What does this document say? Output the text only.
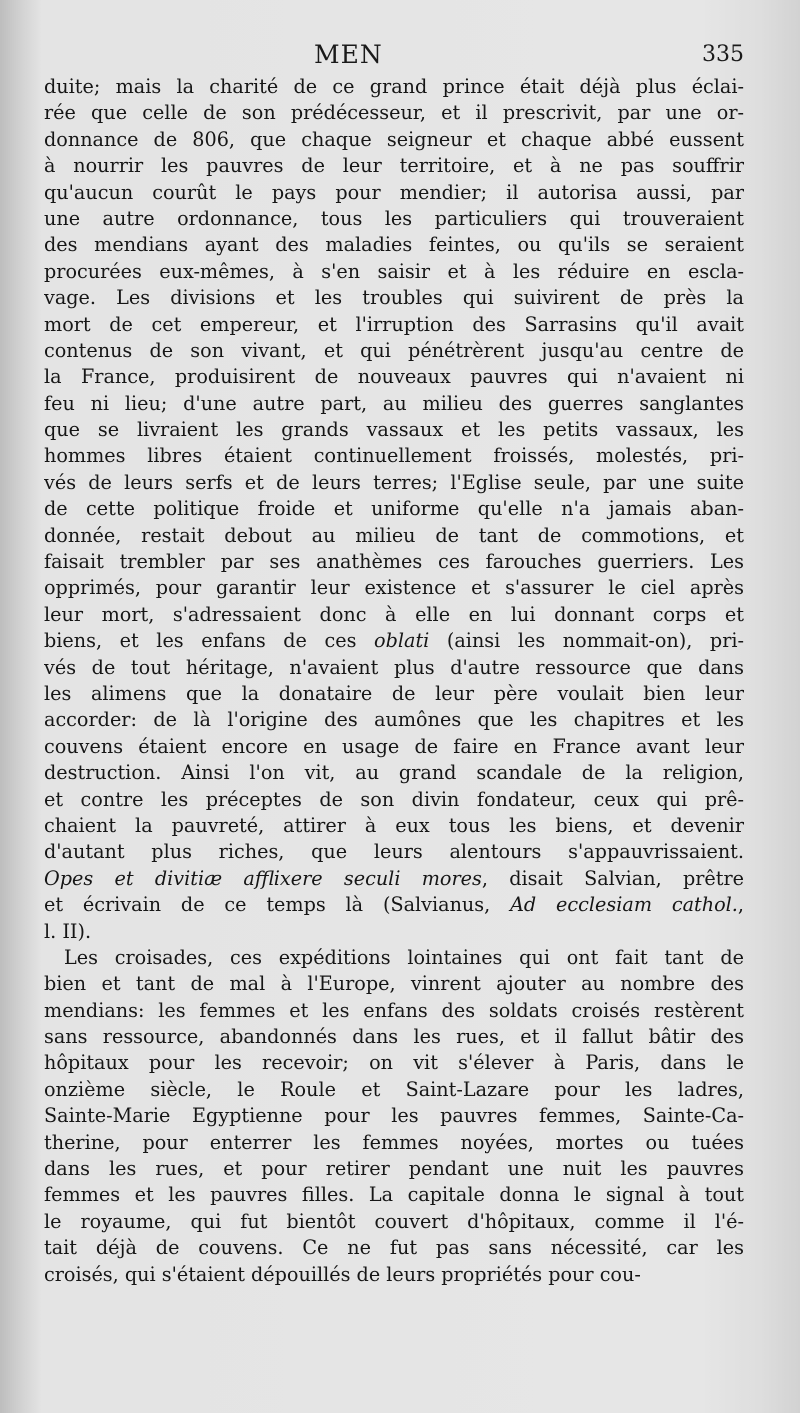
MEN	335
duite; mais la charité de ce grand prince était déjà plus éclai-
rée que celle de son prédécesseur, et il prescrivit, par une or-
donnance de 806, que chaque seigneur et chaque abbé eussent
à nourrir les pauvres de leur territoire, et à ne pas souffrir
qu'aucun courût le pays pour mendier; il autorisa aussi, par
une autre ordonnance, tous les particuliers qui trouveraient
des mendians ayant des maladies feintes, ou qu'ils se seraient
procurées eux-mêmes, à s'en saisir et à les réduire en escla-
vage. Les divisions et les troubles qui suivirent de près la
mort de cet empereur, et l'irruption des Sarrasins qu'il avait
contenus de son vivant, et qui pénétrèrent jusqu'au centre de
la France, produisirent de nouveaux pauvres qui n'avaient ni
feu ni lieu; d'une autre part, au milieu des guerres sanglantes
que se livraient les grands vassaux et les petits vassaux, les
hommes libres étaient continuellement froissés, molestés, pri-
vés de leurs serfs et de leurs terres; l'Eglise seule, par une suite
de cette politique froide et uniforme qu'elle n'a jamais aban-
donnée, restait debout au milieu de tant de commotions, et
faisait trembler par ses anathèmes ces farouches guerriers. Les
opprimés, pour garantir leur existence et s'assurer le ciel après
leur mort, s'adressaient donc à elle en lui donnant corps et
biens, et les enfans de ces oblati (ainsi les nommait-on), pri-
vés de tout héritage, n'avaient plus d'autre ressource que dans
les alimens que la donataire de leur père voulait bien leur
accorder: de là l'origine des aumônes que les chapitres et les
couvens étaient encore en usage de faire en France avant leur
destruction. Ainsi l'on vit, au grand scandale de la religion,
et contre les préceptes de son divin fondateur, ceux qui prê-
chaient la pauvreté, attirer à eux tous les biens, et devenir
d'autant plus riches, que leurs alentours s'appauvrissaient.
Opes et divitiæ afflixere seculi mores, disait Salvian, prêtre
et écrivain de ce temps là (Salvianus, Ad ecclesiam cathol.,
l. II).
Les croisades, ces expéditions lointaines qui ont fait tant de
bien et tant de mal à l'Europe, vinrent ajouter au nombre des
mendians: les femmes et les enfans des soldats croisés restèrent
sans ressource, abandonnés dans les rues, et il fallut bâtir des
hôpitaux pour les recevoir; on vit s'élever à Paris, dans le
onzième siècle, le Roule et Saint-Lazare pour les ladres,
Sainte-Marie Egyptienne pour les pauvres femmes, Sainte-Ca-
therine, pour enterrer les femmes noyées, mortes ou tuées
dans les rues, et pour retirer pendant une nuit les pauvres
femmes et les pauvres filles. La capitale donna le signal à tout
le royaume, qui fut bientôt couvert d'hôpitaux, comme il l'é-
tait déjà de couvens. Ce ne fut pas sans nécessité, car les
croisés, qui s'étaient dépouillés de leurs propriétés pour cou-
